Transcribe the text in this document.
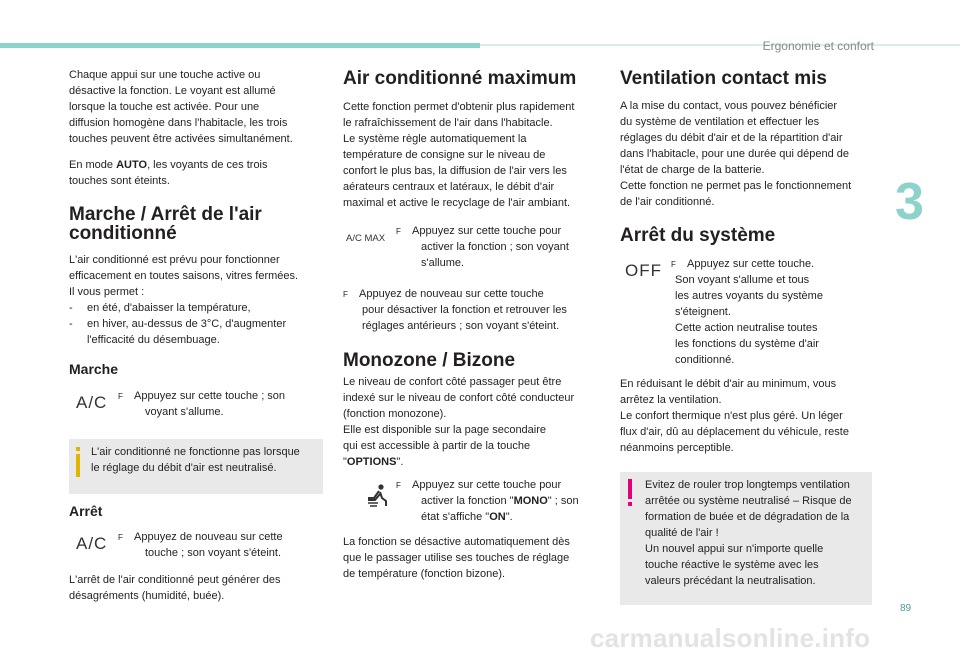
Ergonomie et confort
3
Chaque appui sur une touche active ou
désactive la fonction. Le voyant est allumé
lorsque la touche est activée. Pour une
diffusion homogène dans l'habitacle, les trois
touches peuvent être activées simultanément.
En mode AUTO, les voyants de ces trois
touches sont éteints.
Marche / Arrêt de l'air
conditionné
L'air conditionné est prévu pour fonctionner
efficacement en toutes saisons, vitres fermées.
Il vous permet :
- en été, d'abaisser la température,
- en hiver, au-dessus de 3°C, d'augmenter
l'efficacité du désembuage.
Marche
A/C F Appuyez sur cette touche ; son
voyant s'allume.
L'air conditionné ne fonctionne pas lorsque
le réglage du débit d'air est neutralisé.
Arrêt
A/C F Appuyez de nouveau sur cette
touche ; son voyant s'éteint.
L'arrêt de l'air conditionné peut générer des
désagréments (humidité, buée).
Air conditionné maximum
Cette fonction permet d'obtenir plus rapidement
le rafraîchissement de l'air dans l'habitacle.
Le système règle automatiquement la
température de consigne sur le niveau de
confort le plus bas, la diffusion de l'air vers les
aérateurs centraux et latéraux, le débit d'air
maximal et active le recyclage de l'air ambiant.
A/C MAX
F Appuyez sur cette touche pour
activer la fonction ; son voyant
s'allume.
F Appuyez de nouveau sur cette touche
pour désactiver la fonction et retrouver les
réglages antérieurs ; son voyant s'éteint.
Monozone / Bizone
Le niveau de confort côté passager peut être
indexé sur le niveau de confort côté conducteur
(fonction monozone).
Elle est disponible sur la page secondaire
qui est accessible à partir de la touche
"OPTIONS".
F Appuyez sur cette touche pour
activer la fonction "MONO" ; son
état s'affiche "ON".
La fonction se désactive automatiquement dès
que le passager utilise ses touches de réglage
de température (fonction bizone).
Ventilation contact mis
A la mise du contact, vous pouvez bénéficier
du système de ventilation et effectuer les
réglages du débit d'air et de la répartition d'air
dans l'habitacle, pour une durée qui dépend de
l'état de charge de la batterie.
Cette fonction ne permet pas le fonctionnement
de l'air conditionné.
Arrêt du système
OFF F Appuyez sur cette touche.
Son voyant s'allume et tous
les autres voyants du système
s'éteignent.
Cette action neutralise toutes
les fonctions du système d'air
conditionné.
En réduisant le débit d'air au minimum, vous
arrêtez la ventilation.
Le confort thermique n'est plus géré. Un léger
flux d'air, dû au déplacement du véhicule, reste
néanmoins perceptible.
Evitez de rouler trop longtemps ventilation
arrêtée ou système neutralisé – Risque de
formation de buée et de dégradation de la
qualité de l'air !
Un nouvel appui sur n'importe quelle
touche réactive le système avec les
valeurs précédant la neutralisation.
89
carmanualsonline.info
